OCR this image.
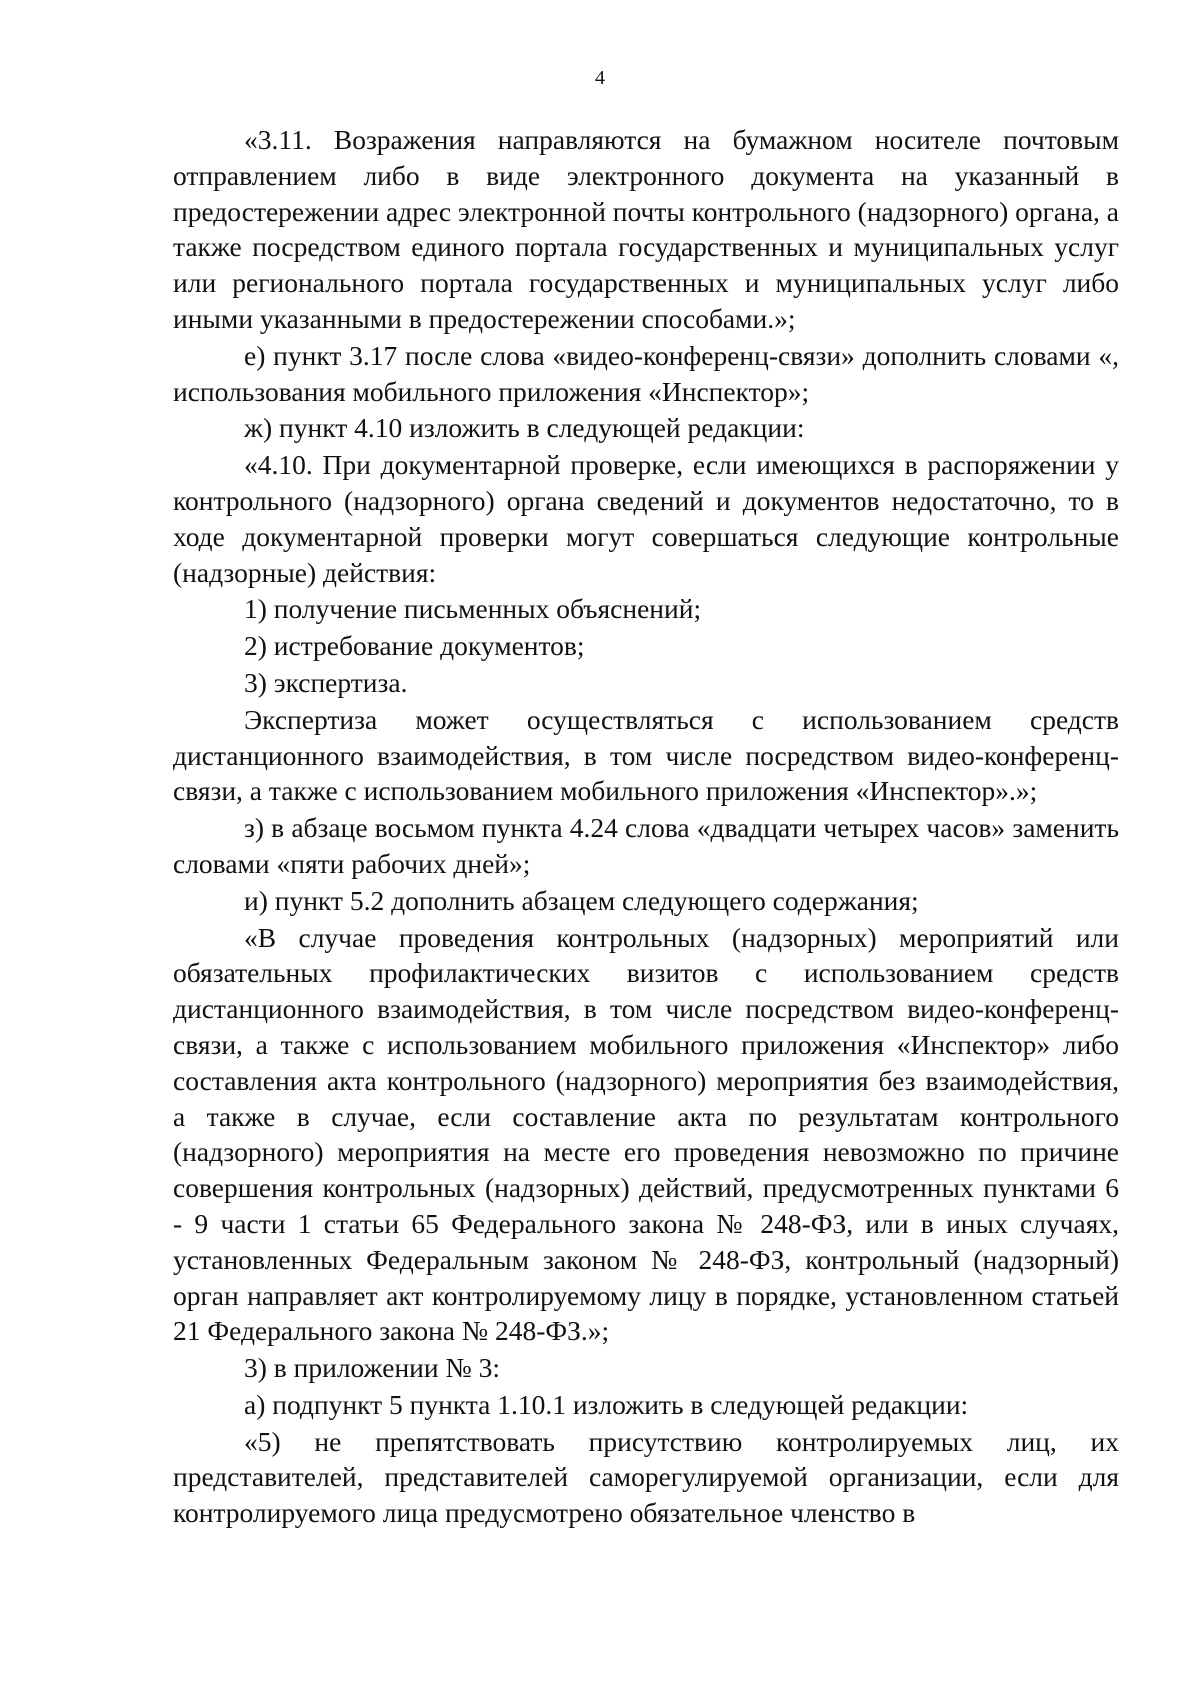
4

«3.11. Возражения направляются на бумажном носителе почтовым отправлением либо в виде электронного документа на указанный в предостережении адрес электронной почты контрольного (надзорного) органа, а также посредством единого портала государственных и муниципальных услуг или регионального портала государственных и муниципальных услуг либо иными указанными в предостережении способами.»;

е) пункт 3.17 после слова «видео-конференц-связи» дополнить словами «, использования мобильного приложения «Инспектор»;

ж) пункт 4.10 изложить в следующей редакции:

«4.10. При документарной проверке, если имеющихся в распоряжении у контрольного (надзорного) органа сведений и документов недостаточно, то в ходе документарной проверки могут совершаться следующие контрольные (надзорные) действия:

1) получение письменных объяснений;

2) истребование документов;

3) экспертиза.

Экспертиза может осуществляться с использованием средств дистанционного взаимодействия, в том числе посредством видео-конференц-связи, а также с использованием мобильного приложения «Инспектор».»;

з) в абзаце восьмом пункта 4.24 слова «двадцати четырех часов» заменить словами «пяти рабочих дней»;

и) пункт 5.2 дополнить абзацем следующего содержания;

«В случае проведения контрольных (надзорных) мероприятий или обязательных профилактических визитов с использованием средств дистанционного взаимодействия, в том числе посредством видео-конференц-связи, а также с использованием мобильного приложения «Инспектор» либо составления акта контрольного (надзорного) мероприятия без взаимодействия, а также в случае, если составление акта по результатам контрольного (надзорного) мероприятия на месте его проведения невозможно по причине совершения контрольных (надзорных) действий, предусмотренных пунктами 6 - 9 части 1 статьи 65 Федерального закона № 248-ФЗ, или в иных случаях, установленных Федеральным законом № 248-ФЗ, контрольный (надзорный) орган направляет акт контролируемому лицу в порядке, установленном статьей 21 Федерального закона № 248-ФЗ.»;

3) в приложении № 3:

а) подпункт 5 пункта 1.10.1 изложить в следующей редакции:

«5) не препятствовать присутствию контролируемых лиц, их представителей, представителей саморегулируемой организации, если для контролируемого лица предусмотрено обязательное членство в
